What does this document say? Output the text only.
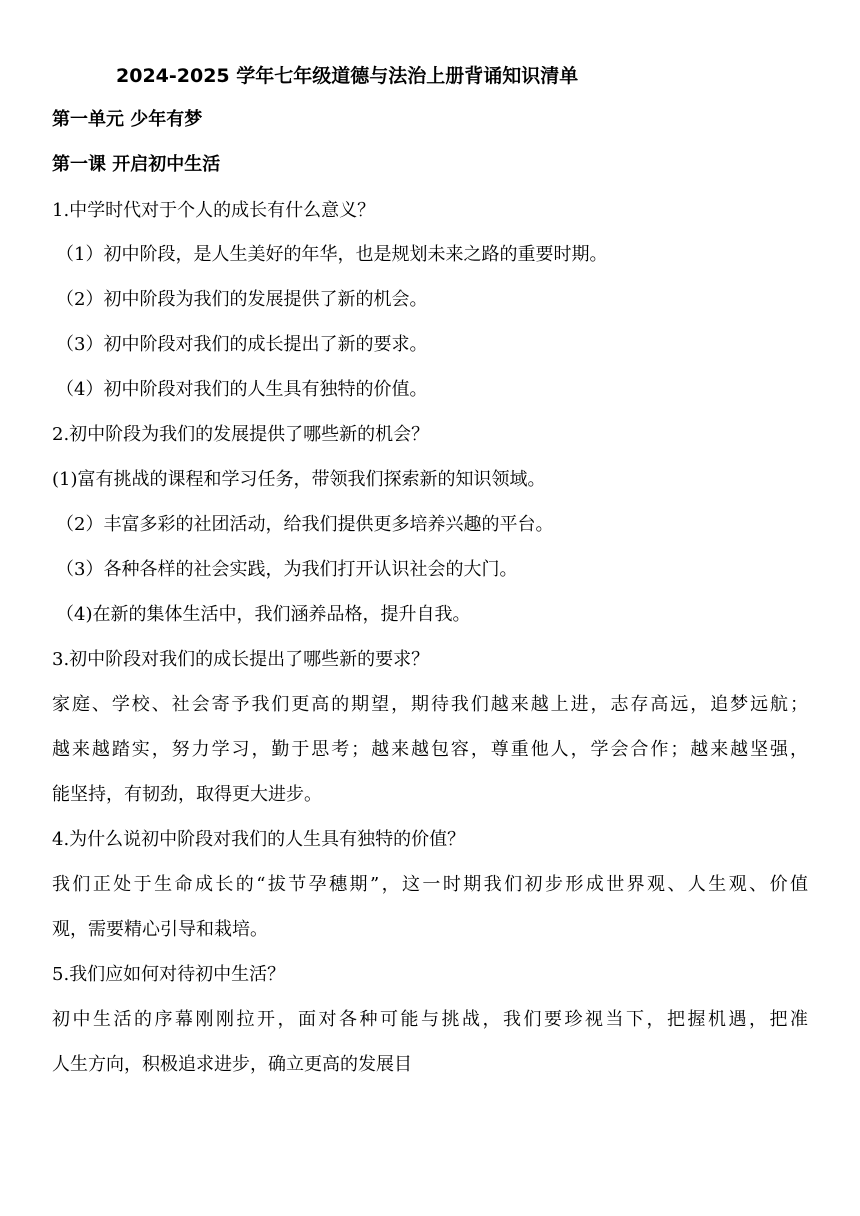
2024-2025 学年七年级道德与法治上册背诵知识清单
第一单元 少年有梦
第一课 开启初中生活
1.中学时代对于个人的成长有什么意义？
（1）初中阶段，是人生美好的年华，也是规划未来之路的重要时期。
（2）初中阶段为我们的发展提供了新的机会。
（3）初中阶段对我们的成长提出了新的要求。
（4）初中阶段对我们的人生具有独特的价值。
2.初中阶段为我们的发展提供了哪些新的机会？
(1)富有挑战的课程和学习任务，带领我们探索新的知识领域。
（2）丰富多彩的社团活动，给我们提供更多培养兴趣的平台。
（3）各种各样的社会实践，为我们打开认识社会的大门。
（4)在新的集体生活中，我们涵养品格，提升自我。
3.初中阶段对我们的成长提出了哪些新的要求？
家庭、学校、社会寄予我们更高的期望，期待我们越来越上进，志存高远，追梦远航；
越来越踏实，努力学习，勤于思考；越来越包容，尊重他人，学会合作；越来越坚强，
能坚持，有韧劲，取得更大进步。
4.为什么说初中阶段对我们的人生具有独特的价值？
我们正处于生命成长的“拔节孕穗期”，这一时期我们初步形成世界观、人生观、价值
观，需要精心引导和栽培。
5.我们应如何对待初中生活？
初中生活的序幕刚刚拉开，面对各种可能与挑战，我们要珍视当下，把握机遇，把准
人生方向，积极追求进步，确立更高的发展目
